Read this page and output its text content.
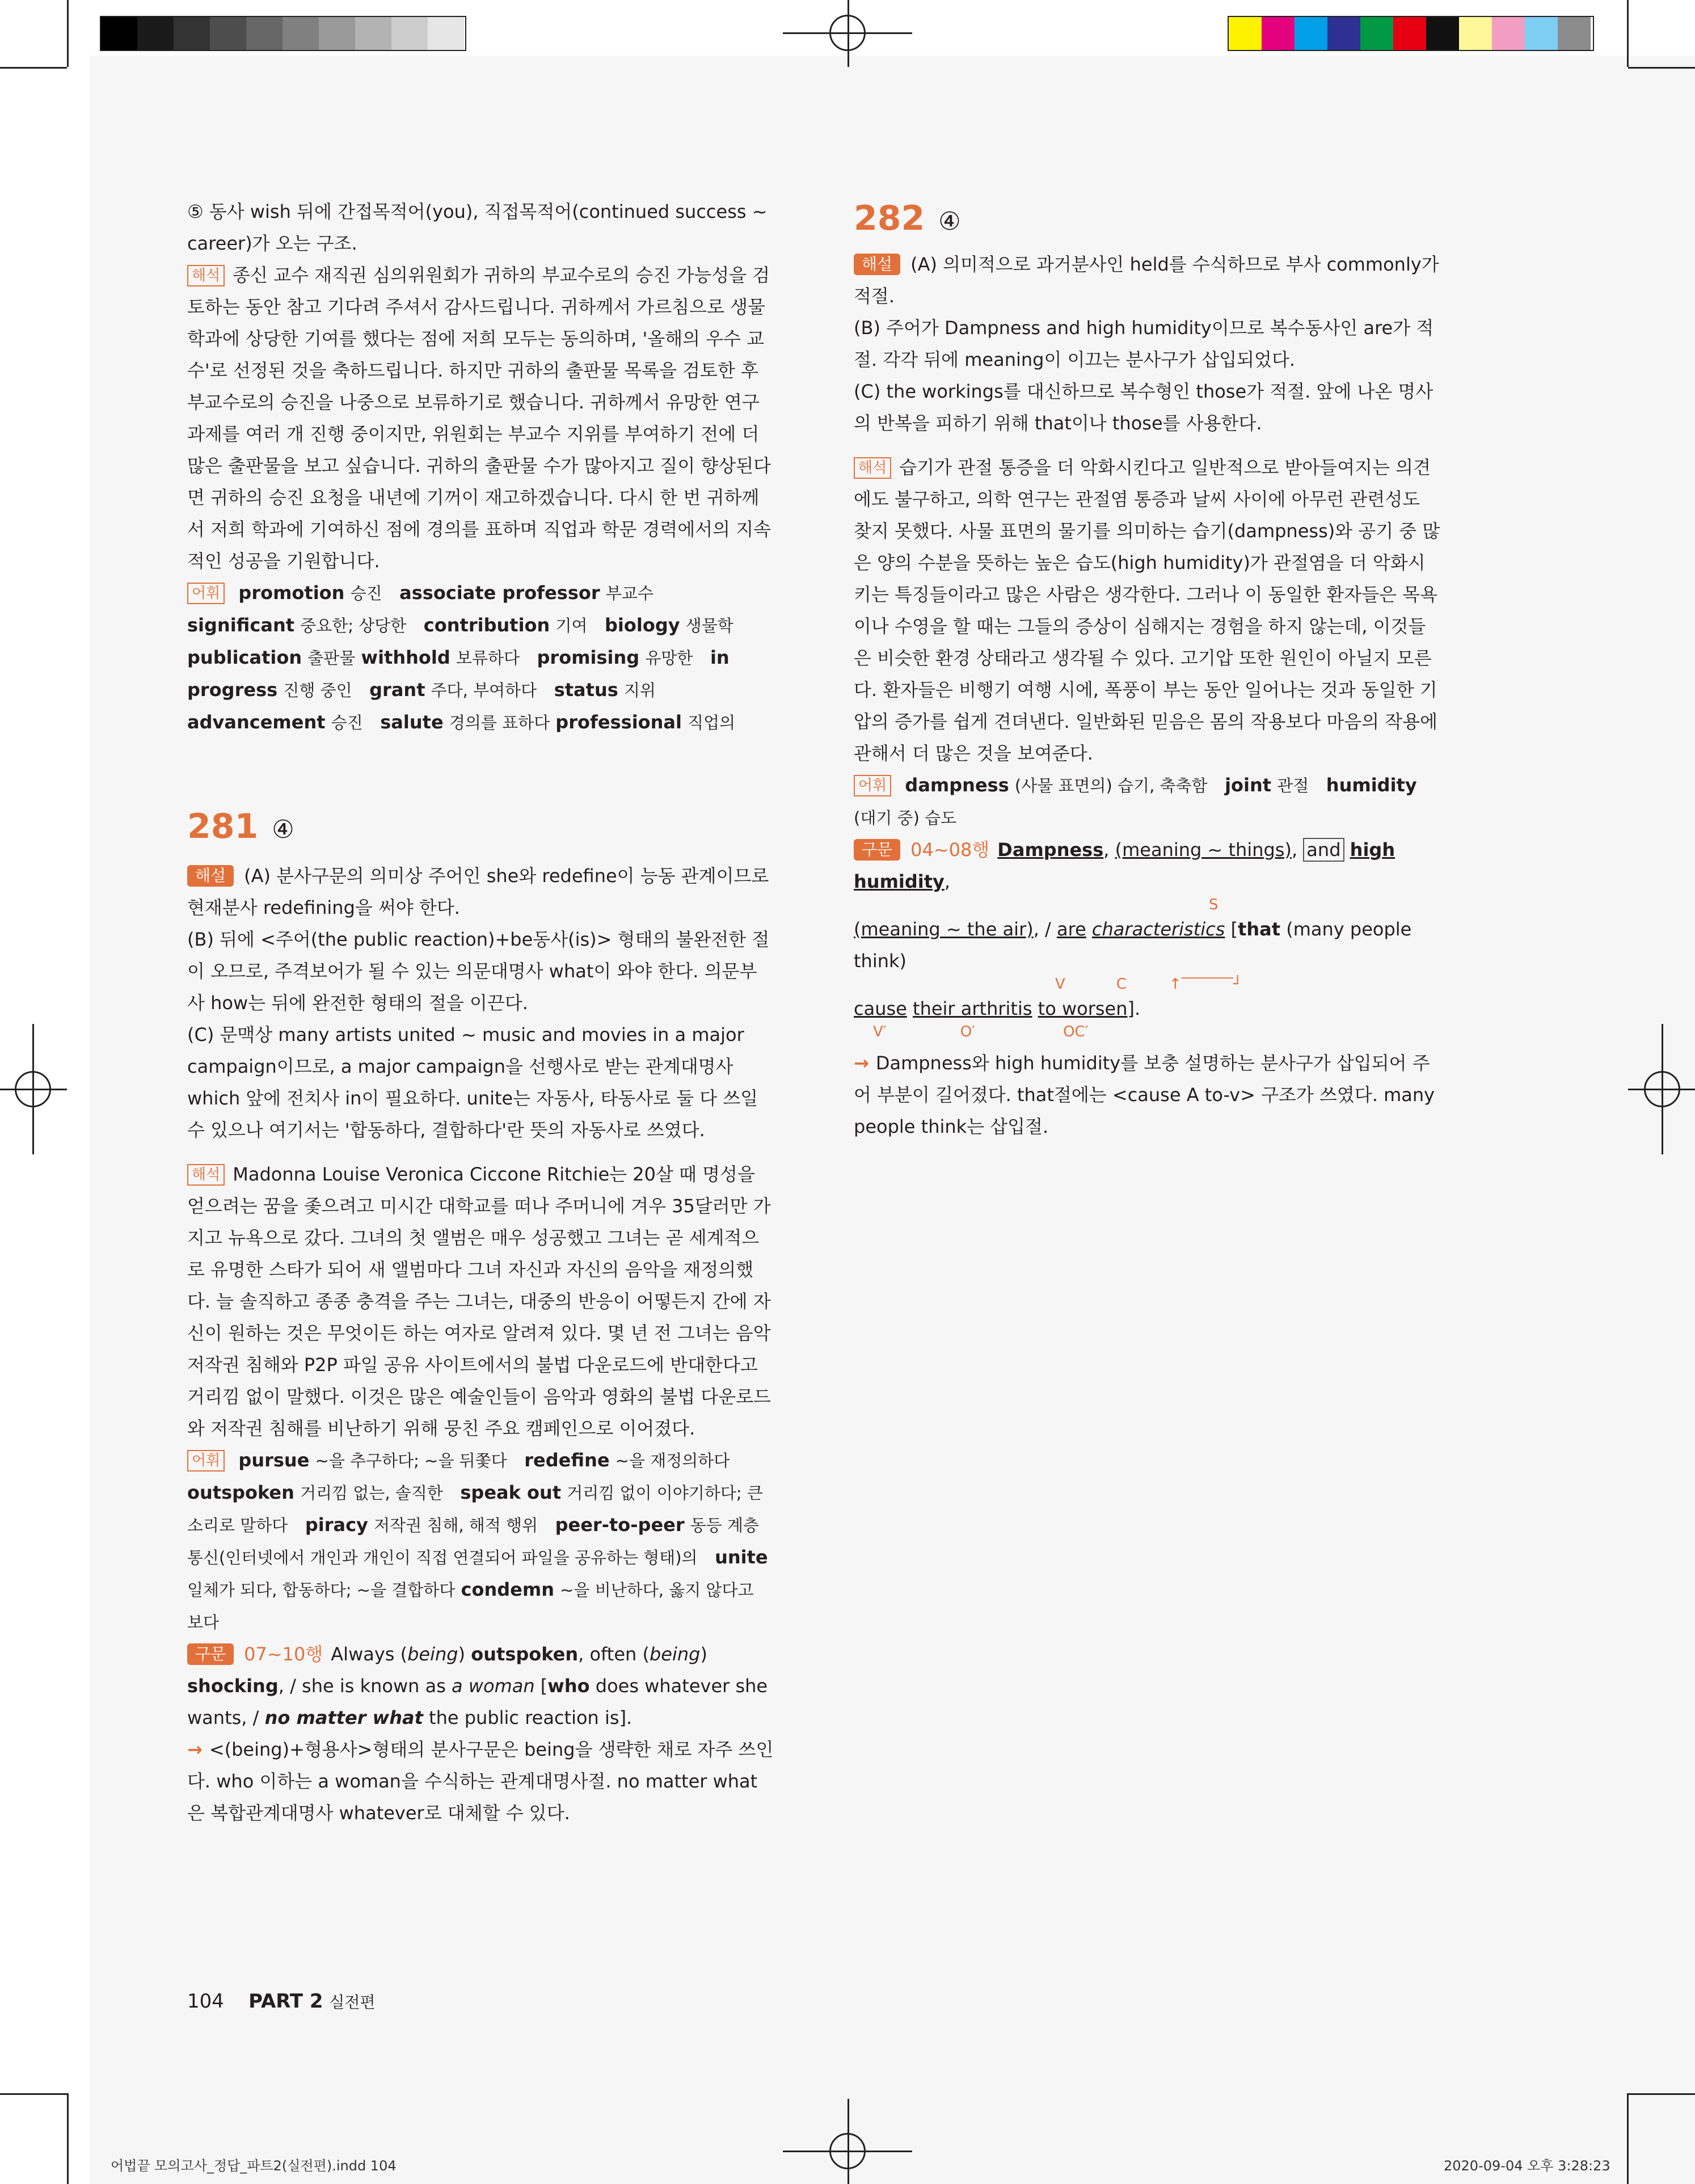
⑤ 동사 wish 뒤에 간접목적어(you), 직접목적어(continued success ~ career)가 오는 구조.

해석 종신 교수 재직권 심의위원회가 귀하의 부교수로의 승진 가능성을 검토하는 동안 참고 기다려 주셔서 감사드립니다. 귀하께서 가르침으로 생물학과에 상당한 기여를 했다는 점에 저희 모두는 동의하며, '올해의 우수 교수'로 선정된 것을 축하드립니다. 하지만 귀하의 출판물 목록을 검토한 후 부교수로의 승진을 나중으로 보류하기로 했습니다. 귀하께서 유망한 연구 과제를 여러 개 진행 중이지만, 위원회는 부교수 지위를 부여하기 전에 더 많은 출판물을 보고 싶습니다. 귀하의 출판물 수가 많아지고 질이 향상된다면 귀하의 승진 요청을 내년에 기꺼이 재고하겠습니다. 다시 한 번 귀하께서 저희 학과에 기여하신 점에 경의를 표하며 직업과 학문 경력에서의 지속적인 성공을 기원합니다.

어휘 promotion 승진 associate professor 부교수   significant 중요한; 상당한 contribution 기여 biology 생물학   publication 출판물 withhold 보류하다 promising 유망한 in progress 진행 중인 grant 주다, 부여하다 status 지위   advancement 승진 salute 경의를 표하다 professional 직업의

281 ④

해설 (A) 분사구문의 의미상 주어인 she와 redefine이 능동 관계이므로 현재분사 redefining을 써야 한다.

(B) 뒤에 <주어(the public reaction)+be동사(is)> 형태의 불완전한 절이 오므로, 주격보어가 될 수 있는 의문대명사 what이 와야 한다. 의문부사 how는 뒤에 완전한 형태의 절을 이끈다.

(C) 문맥상 many artists united ~ music and movies in a major campaign이므로, a major campaign을 선행사로 받는 관계대명사 which 앞에 전치사 in이 필요하다. unite는 자동사, 타동사로 둘 다 쓰일 수 있으나 여기서는 '합동하다, 결합하다'란 뜻의 자동사로 쓰였다.

해석 Madonna Louise Veronica Ciccone Ritchie는 20살 때 명성을 얻으려는 꿈을 좇으려고 미시간 대학교를 떠나 주머니에 겨우 35달러만 가지고 뉴욕으로 갔다. 그녀의 첫 앨범은 매우 성공했고 그녀는 곧 세계적으로 유명한 스타가 되어 새 앨범마다 그녀 자신과 자신의 음악을 재정의했다. 늘 솔직하고 종종 충격을 주는 그녀는, 대중의 반응이 어떻든지 간에 자신이 원하는 것은 무엇이든 하는 여자로 알려져 있다. 몇 년 전 그녀는 음악 저작권 침해와 P2P 파일 공유 사이트에서의 불법 다운로드에 반대한다고 거리낌 없이 말했다. 이것은 많은 예술인들이 음악과 영화의 불법 다운로드와 저작권 침해를 비난하기 위해 뭉친 주요 캠페인으로 이어졌다.

어휘 pursue ~을 추구하다; ~을 뒤쫓다 redefine ~을 재정의하다   outspoken 거리낌 없는, 솔직한 speak out 거리낌 없이 이야기하다; 큰 소리로 말하다 piracy 저작권 침해, 해적 행위 peer-to-peer 동등 계층 통신(인터넷에서 개인과 개인이 직접 연결되어 파일을 공유하는 형태)의 unite 일체가 되다, 합동하다; ~을 결합하다 condemn ~을 비난하다, 옳지 않다고 보다

구문 07~10행 Always (being) outspoken, often (being) shocking, / she is known as a woman [who does whatever she wants, / no matter what the public reaction is].

→ <(being)+형용사>형태의 분사구문은 being을 생략한 채로 자주 쓰인다. who 이하는 a woman을 수식하는 관계대명사절. no matter what은 복합관계대명사 whatever로 대체할 수 있다.

282 ④

해설 (A) 의미적으로 과거분사인 held를 수식하므로 부사 commonly가 적절.

(B) 주어가 Dampness and high humidity이므로 복수동사인 are가 적절. 각각 뒤에 meaning이 이끄는 분사구가 삽입되었다.

(C) the workings를 대신하므로 복수형인 those가 적절. 앞에 나온 명사의 반복을 피하기 위해 that이나 those를 사용한다.

해석 습기가 관절 통증을 더 악화시킨다고 일반적으로 받아들여지는 의견에도 불구하고, 의학 연구는 관절염 통증과 날씨 사이에 아무런 관련성도 찾지 못했다. 사물 표면의 물기를 의미하는 습기(dampness)와 공기 중 많은 양의 수분을 뜻하는 높은 습도(high humidity)가 관절염을 더 악화시키는 특징들이라고 많은 사람은 생각한다. 그러나 이 동일한 환자들은 목욕이나 수영을 할 때는 그들의 증상이 심해지는 경험을 하지 않는데, 이것들은 비슷한 환경 상태라고 생각될 수 있다. 고기압 또한 원인이 아닐지 모른다. 환자들은 비행기 여행 시에, 폭풍이 부는 동안 일어나는 것과 동일한 기압의 증가를 쉽게 견뎌낸다. 일반화된 믿음은 몸의 작용보다 마음의 작용에 관해서 더 많은 것을 보여준다.

어휘 dampness (사물 표면의) 습기, 축축함 joint 관절 humidity (대기 중) 습도

구문 04~08행 Dampness, (meaning ~ things), and high humidity,

S

(meaning ~ the air), / are characteristics [that (many people think)

V	C	↑‾‾‾‾‾‾‾┘

cause their arthritis to worsen].

V′	O′	OC′

→ Dampness와 high humidity를 보충 설명하는 분사구가 삽입되어 주어 부분이 길어졌다. that절에는 <cause A to-v> 구조가 쓰였다. many people think는 삽입절.

104 PART 2 실전편
어법끝 모의고사_정답_파트2(실전편).indd 104	2020-09-04 오후 3:28:23
